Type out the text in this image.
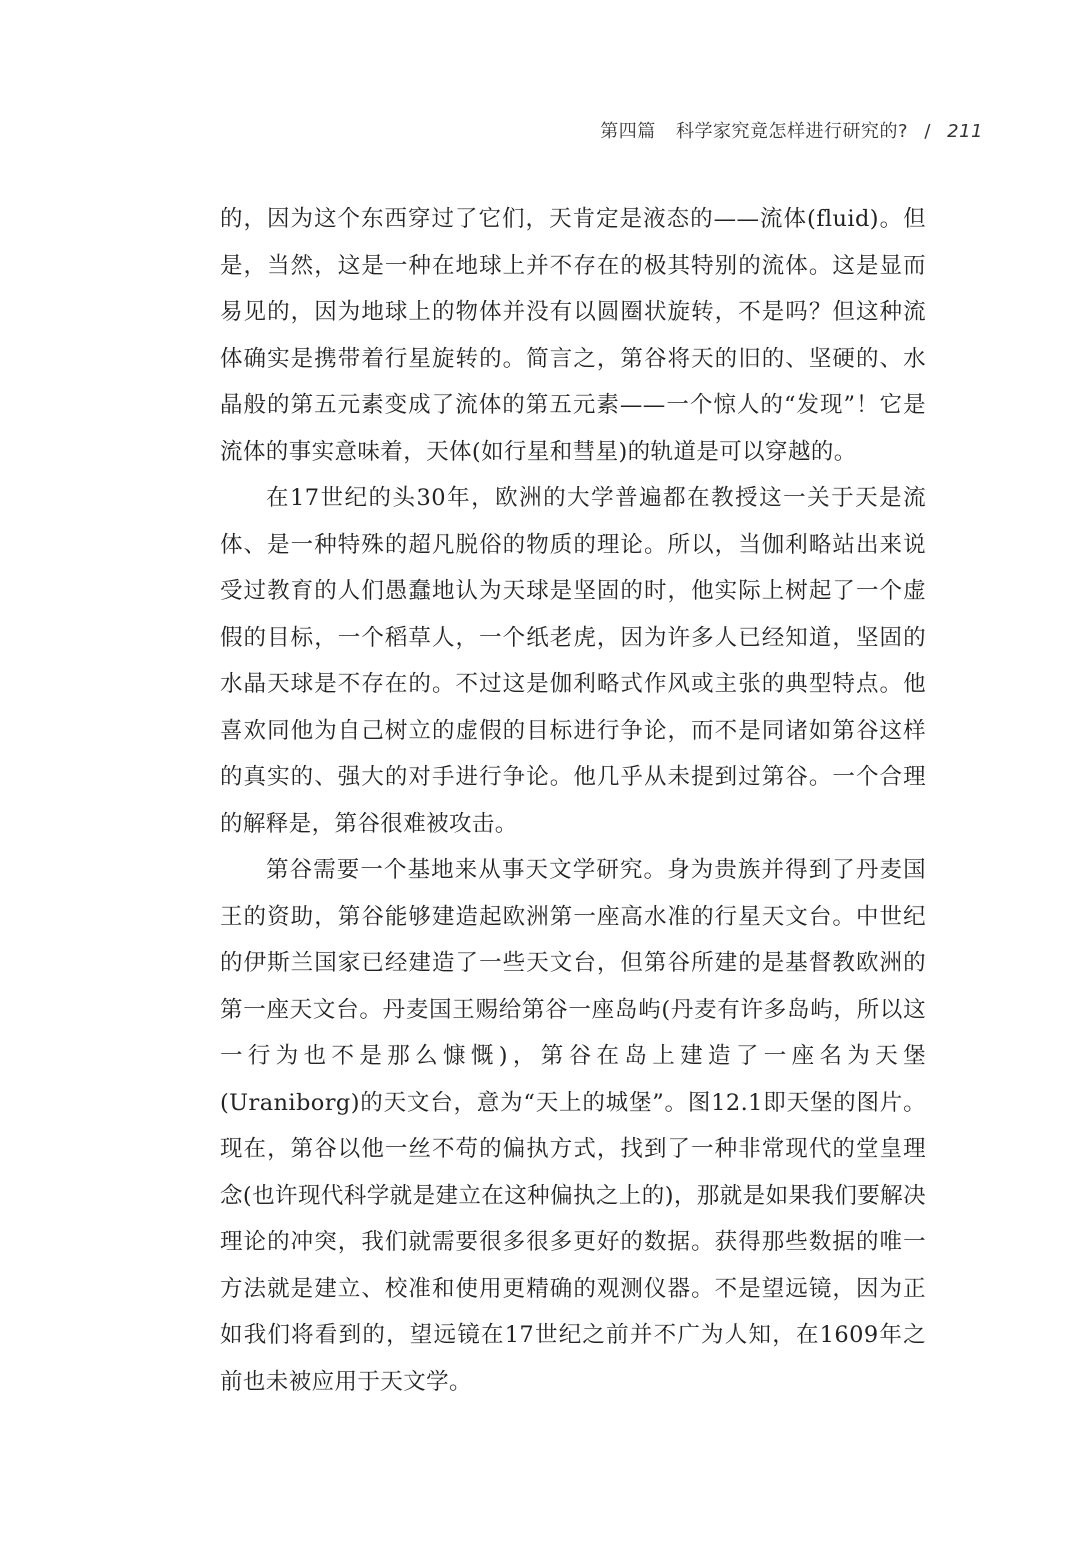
第四篇 科学家究竟怎样进行研究的? / 211

的，因为这个东西穿过了它们，天肯定是液态的——流体(fluid)。但是，当然，这是一种在地球上并不存在的极其特别的流体。这是显而易见的，因为地球上的物体并没有以圆圈状旋转，不是吗？但这种流体确实是携带着行星旋转的。简言之，第谷将天的旧的、坚硬的、水晶般的第五元素变成了流体的第五元素——一个惊人的“发现”！它是流体的事实意味着，天体(如行星和彗星)的轨道是可以穿越的。

在17世纪的头30年，欧洲的大学普遍都在教授这一关于天是流体、是一种特殊的超凡脱俗的物质的理论。所以，当伽利略站出来说受过教育的人们愚蠢地认为天球是坚固的时，他实际上树起了一个虚假的目标，一个稻草人，一个纸老虎，因为许多人已经知道，坚固的水晶天球是不存在的。不过这是伽利略式作风或主张的典型特点。他喜欢同他为自己树立的虚假的目标进行争论，而不是同诸如第谷这样的真实的、强大的对手进行争论。他几乎从未提到过第谷。一个合理的解释是，第谷很难被攻击。

第谷需要一个基地来从事天文学研究。身为贵族并得到了丹麦国王的资助，第谷能够建造起欧洲第一座高水准的行星天文台。中世纪的伊斯兰国家已经建造了一些天文台，但第谷所建的是基督教欧洲的第一座天文台。丹麦国王赐给第谷一座岛屿(丹麦有许多岛屿，所以这一行为也不是那么慷慨)，第谷在岛上建造了一座名为天堡(Uraniborg)的天文台，意为“天上的城堡”。图12.1即天堡的图片。现在，第谷以他一丝不苟的偏执方式，找到了一种非常现代的堂皇理念(也许现代科学就是建立在这种偏执之上的)，那就是如果我们要解决理论的冲突，我们就需要很多很多更好的数据。获得那些数据的唯一方法就是建立、校准和使用更精确的观测仪器。不是望远镜，因为正如我们将看到的，望远镜在17世纪之前并不广为人知，在1609年之前也未被应用于天文学。
